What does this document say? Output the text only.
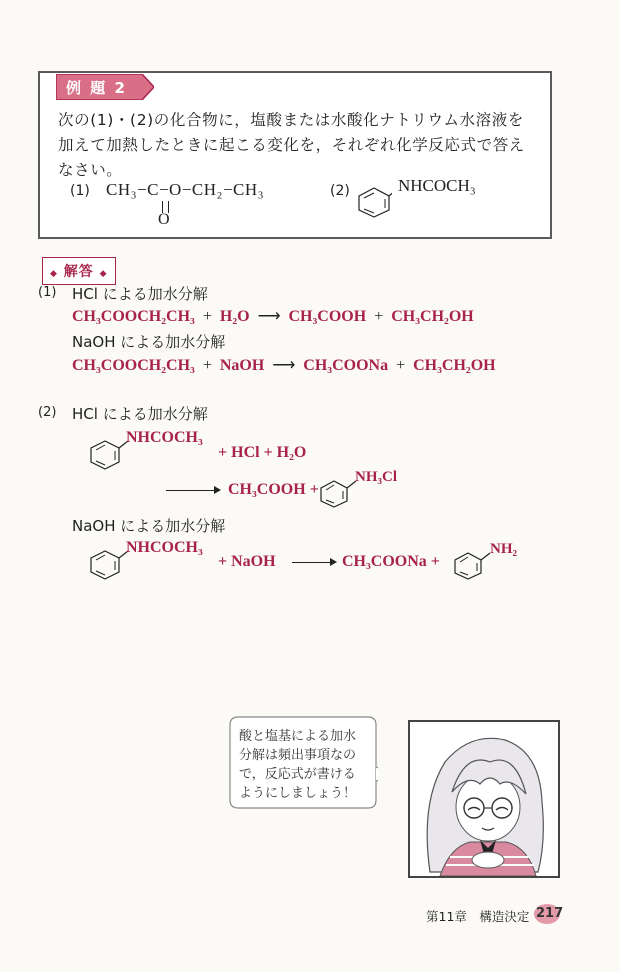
例 題 2
次の(1)・(2)の化合物に，塩酸または水酸化ナトリウム水溶液を
加えて加熱したときに起こる変化を，それぞれ化学反応式で答え
なさい。
(1) CH₃−C−O−CH₂−CH₃
O
(2)	NHCOCH₃
◆ 解答 ◆
(1) HCl による加水分解
CH₃COOCH₂CH₃ + H₂O ⟶ CH₃COOH + CH₃CH₂OH
NaOH による加水分解
CH₃COOCH₂CH₃ + NaOH ⟶ CH₃COONa + CH₃CH₂OH
(2) HCl による加水分解
NHCOCH₃
+ HCl + H₂O
CH₃COOH +
NH₃Cl
NaOH による加水分解
NHCOCH₃
+ NaOH	CH₃COONa +
NH₂
酸と塩基による加水
分解は頻出事項なの
で，反応式が書ける
ようにしましょう！
第11章　構造決定 217
